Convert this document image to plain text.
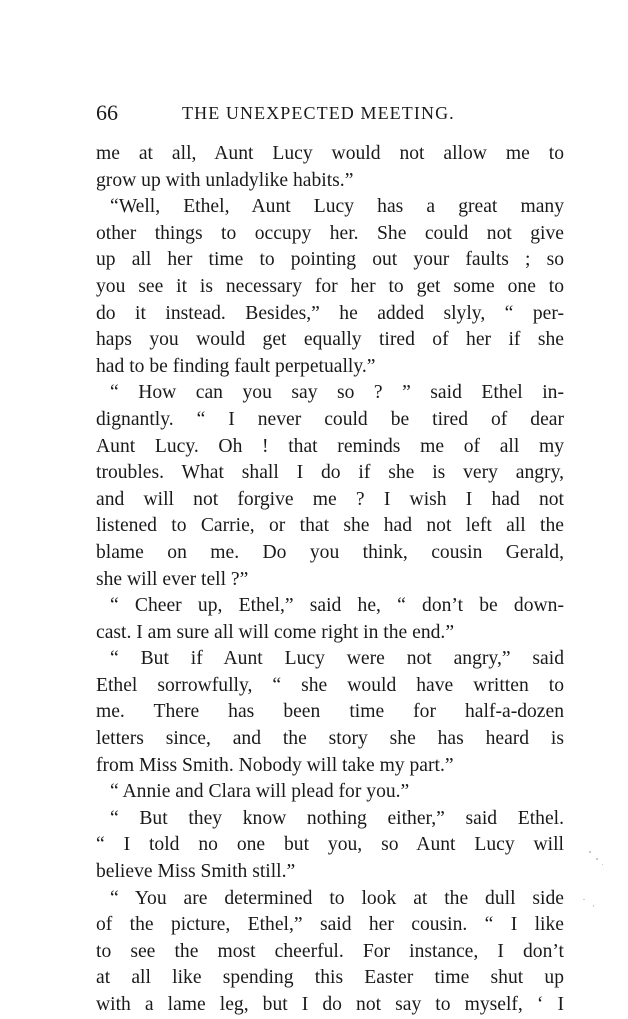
66	THE UNEXPECTED MEETING.
me at all, Aunt Lucy would not allow me to
grow up with unladylike habits.”
“Well, Ethel, Aunt Lucy has a great many
other things to occupy her. She could not give
up all her time to pointing out your faults ; so
you see it is necessary for her to get some one to
do it instead. Besides,” he added slyly, “ per-
haps you would get equally tired of her if she
had to be finding fault perpetually.”
“ How can you say so ? ” said Ethel in-
dignantly. “ I never could be tired of dear
Aunt Lucy. Oh ! that reminds me of all my
troubles. What shall I do if she is very angry,
and will not forgive me ? I wish I had not
listened to Carrie, or that she had not left all the
blame on me. Do you think, cousin Gerald,
she will ever tell ?”
“ Cheer up, Ethel,” said he, “ don’t be down-
cast. I am sure all will come right in the end.”
“ But if Aunt Lucy were not angry,” said
Ethel sorrowfully, “ she would have written to
me. There has been time for half-a-dozen
letters since, and the story she has heard is
from Miss Smith. Nobody will take my part.”
“ Annie and Clara will plead for you.”
“ But they know nothing either,” said Ethel.
“ I told no one but you, so Aunt Lucy will
believe Miss Smith still.”
“ You are determined to look at the dull side
of the picture, Ethel,” said her cousin. “ I like
to see the most cheerful. For instance, I don’t
at all like spending this Easter time shut up
with a lame leg, but I do not say to myself, ‘ I
